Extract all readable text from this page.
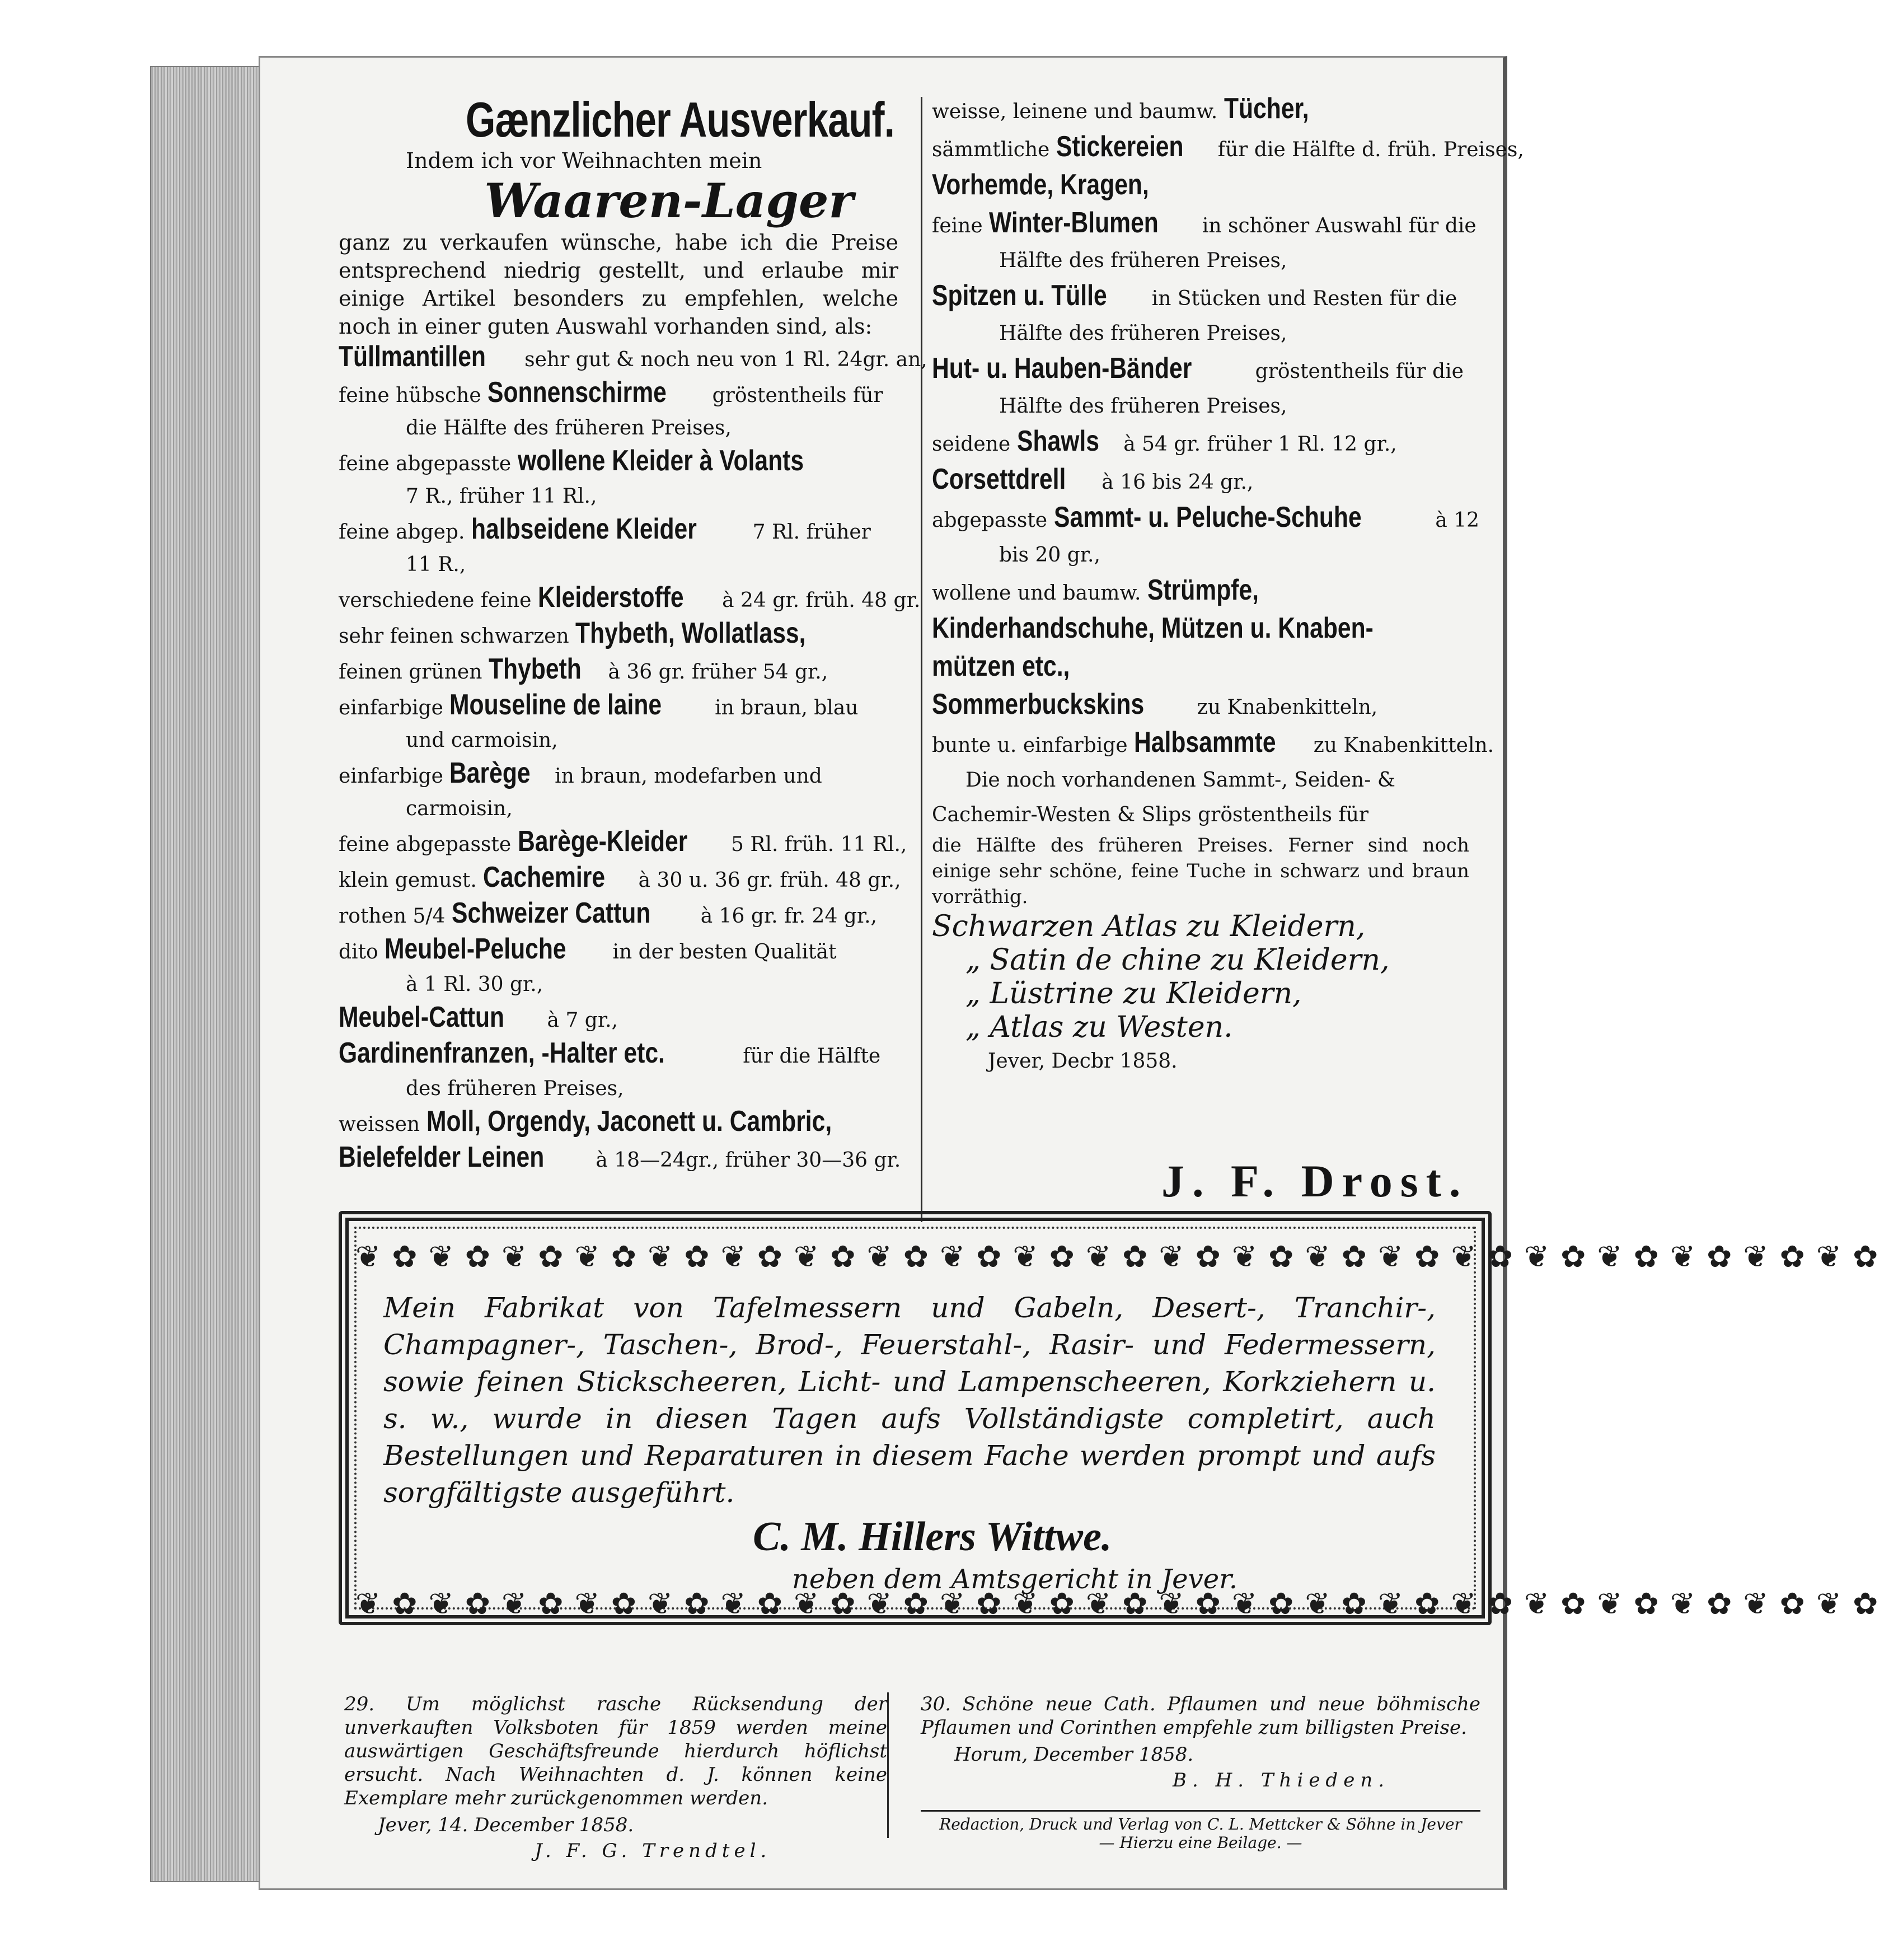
Gænzlicher Ausverkauf.

Indem ich vor Weihnachten mein

Waaren-Lager

ganz zu verkaufen wünsche, habe ich die Preise entsprechend niedrig gestellt, und erlaube mir einige Artikel besonders zu empfehlen, welche noch in einer guten Auswahl vorhanden sind, als:

Tüllmantillen sehr gut & noch neu von 1 Rl. 24gr. an,

feine hübsche Sonnenschirme gröstentheils für

die Hälfte des früheren Preises,

feine abgepasste wollene Kleider à Volants

7 R., früher 11 Rl.,

feine abgep. halbseidene Kleider 7 Rl. früher

11 R.,

verschiedene feine Kleiderstoffe à 24 gr. früh. 48 gr.

sehr feinen schwarzen Thybeth, Wollatlass,

feinen grünen Thybeth à 36 gr. früher 54 gr.,

einfarbige Mouseline de laine in braun, blau

und carmoisin,

einfarbige Barège in braun, modefarben und

carmoisin,

feine abgepasste Barège-Kleider 5 Rl. früh. 11 Rl.,

klein gemust. Cachemire à 30 u. 36 gr. früh. 48 gr.,

rothen 5/4 Schweizer Cattun à 16 gr. fr. 24 gr.,

dito Meubel-Peluche in der besten Qualität

à 1 Rl. 30 gr.,

Meubel-Cattun à 7 gr.,

Gardinenfranzen, -Halter etc.	für die Hälfte

des früheren Preises,

weissen Moll, Orgendy, Jaconett u. Cambric,

Bielefelder Leinen à 18—24gr., früher 30—36 gr.

weisse, leinene und baumw. Tücher,

sämmtliche Stickereien für die Hälfte d. früh. Preises,

Vorhemde, Kragen,

feine Winter-Blumen in schöner Auswahl für die

Hälfte des früheren Preises,

Spitzen u. Tülle in Stücken und Resten für die

Hälfte des früheren Preises,

Hut- u. Hauben-Bänder	gröstentheils für die

Hälfte des früheren Preises,

seidene Shawls à 54 gr. früher 1 Rl. 12 gr.,

Corsettdrell à 16 bis 24 gr.,

abgepasste Sammt- u. Peluche-Schuhe	à 12

bis 20 gr.,

wollene und baumw. Strümpfe,

Kinderhandschuhe, Mützen u. Knaben-

mützen etc.,

Sommerbuckskins zu Knabenkitteln,

bunte u. einfarbige Halbsammte zu Knabenkitteln.

Die noch vorhandenen Sammt-, Seiden- &

Cachemir-Westen & Slips gröstentheils für

die Hälfte des früheren Preises. Ferner sind noch einige sehr schöne, feine Tuche in schwarz und braun vorräthig.

Schwarzen Atlas zu Kleidern,

„ Satin de chine zu Kleidern,

„ Lüstrine zu Kleidern,

„ Atlas zu Westen.

Jever, Decbr 1858.

J. F. Drost.
❦✿❦✿❦✿❦✿❦✿❦✿❦✿❦✿❦✿❦✿❦✿❦✿❦✿❦✿❦✿❦✿❦✿❦✿❦✿❦✿❦✿
❦✿❦✿❦✿❦✿❦✿❦✿❦✿❦✿❦✿❦✿❦✿❦✿❦✿❦✿❦✿❦✿❦✿❦✿❦✿❦✿❦✿
Mein Fabrikat von Tafelmessern und Gabeln, Desert-, Tranchir-, Champagner-, Taschen-, Brod-, Feuerstahl-, Rasir- und Federmessern, sowie feinen Stickscheeren, Licht- und Lampenscheeren, Korkziehern u. s. w., wurde in diesen Tagen aufs Vollständigste completirt, auch Bestellungen und Reparaturen in diesem Fache werden prompt und aufs sorgfältigste ausgeführt.
C. M. Hillers Wittwe.
neben dem Amtsgericht in Jever.

29. Um möglichst rasche Rücksendung der unverkauften Volksboten für 1859 werden meine auswärtigen Geschäftsfreunde hierdurch höflichst ersucht. Nach Weihnachten d. J. können keine Exemplare mehr zurückgenommen werden.

Jever, 14. December 1858.

J. F. G. Trendtel.

30. Schöne neue Cath. Pflaumen und neue böhmische Pflaumen und Corinthen empfehle zum billigsten Preise.

Horum, December 1858.

B. H. Thieden.

Redaction, Druck und Verlag von C. L. Mettcker & Söhne in Jever
— Hierzu eine Beilage. —
